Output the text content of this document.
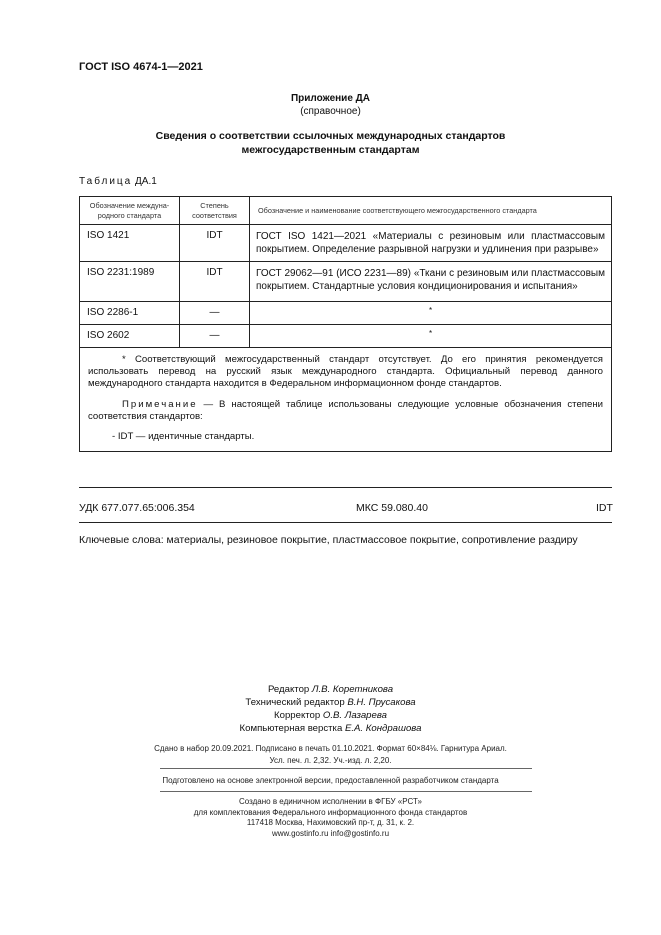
ГОСТ ISO 4674-1—2021
Приложение ДА
(справочное)
Сведения о соответствии ссылочных международных стандартов
межгосударственным стандартам
Таблица ДА.1
Обозначение междуна-родного стандарта	Степень соответствия	Обозначение и наименование соответствующего межгосударственного стандарта
ISO 1421	IDT	ГОСТ ISO 1421—2021 «Материалы с резиновым или пластмассовым покрытием. Определение разрывной нагрузки и удлинения при разрыве»
ISO 2231:1989	IDT	ГОСТ 29062—91 (ИСО 2231—89) «Ткани с резиновым или пластмассовым покрытием. Стандартные условия кондиционирования и испытания»
ISO 2286-1	—	*
ISO 2602	—	*

* Соответствующий межгосударственный стандарт отсутствует. До его принятия рекомендуется использовать перевод на русский язык международного стандарта. Официальный перевод данного международного стандарта находится в Федеральном информационном фонде стандартов.

Примечание — В настоящей таблице использованы следующие условные обозначения степени соответствия стандартов:

- IDT — идентичные стандарты.		

УДК 677.077.65:006.354	МКС 59.080.40	IDT
Ключевые слова: материалы, резиновое покрытие, пластмассовое покрытие, сопротивление раздиру
Редактор Л.В. Коретникова
Технический редактор В.Н. Прусакова
Корректор О.В. Лазарева
Компьютерная верстка Е.А. Кондрашова
Сдано в набор 20.09.2021. Подписано в печать 01.10.2021. Формат 60×84⅛. Гарнитура Ариал.
Усл. печ. л. 2,32. Уч.-изд. л. 2,20.
Подготовлено на основе электронной версии, предоставленной разработчиком стандарта
Создано в единичном исполнении в ФГБУ «РСТ»
для комплектования Федерального информационного фонда стандартов
117418 Москва, Нахимовский пр-т, д. 31, к. 2.
www.gostinfo.ru info@gostinfo.ru
